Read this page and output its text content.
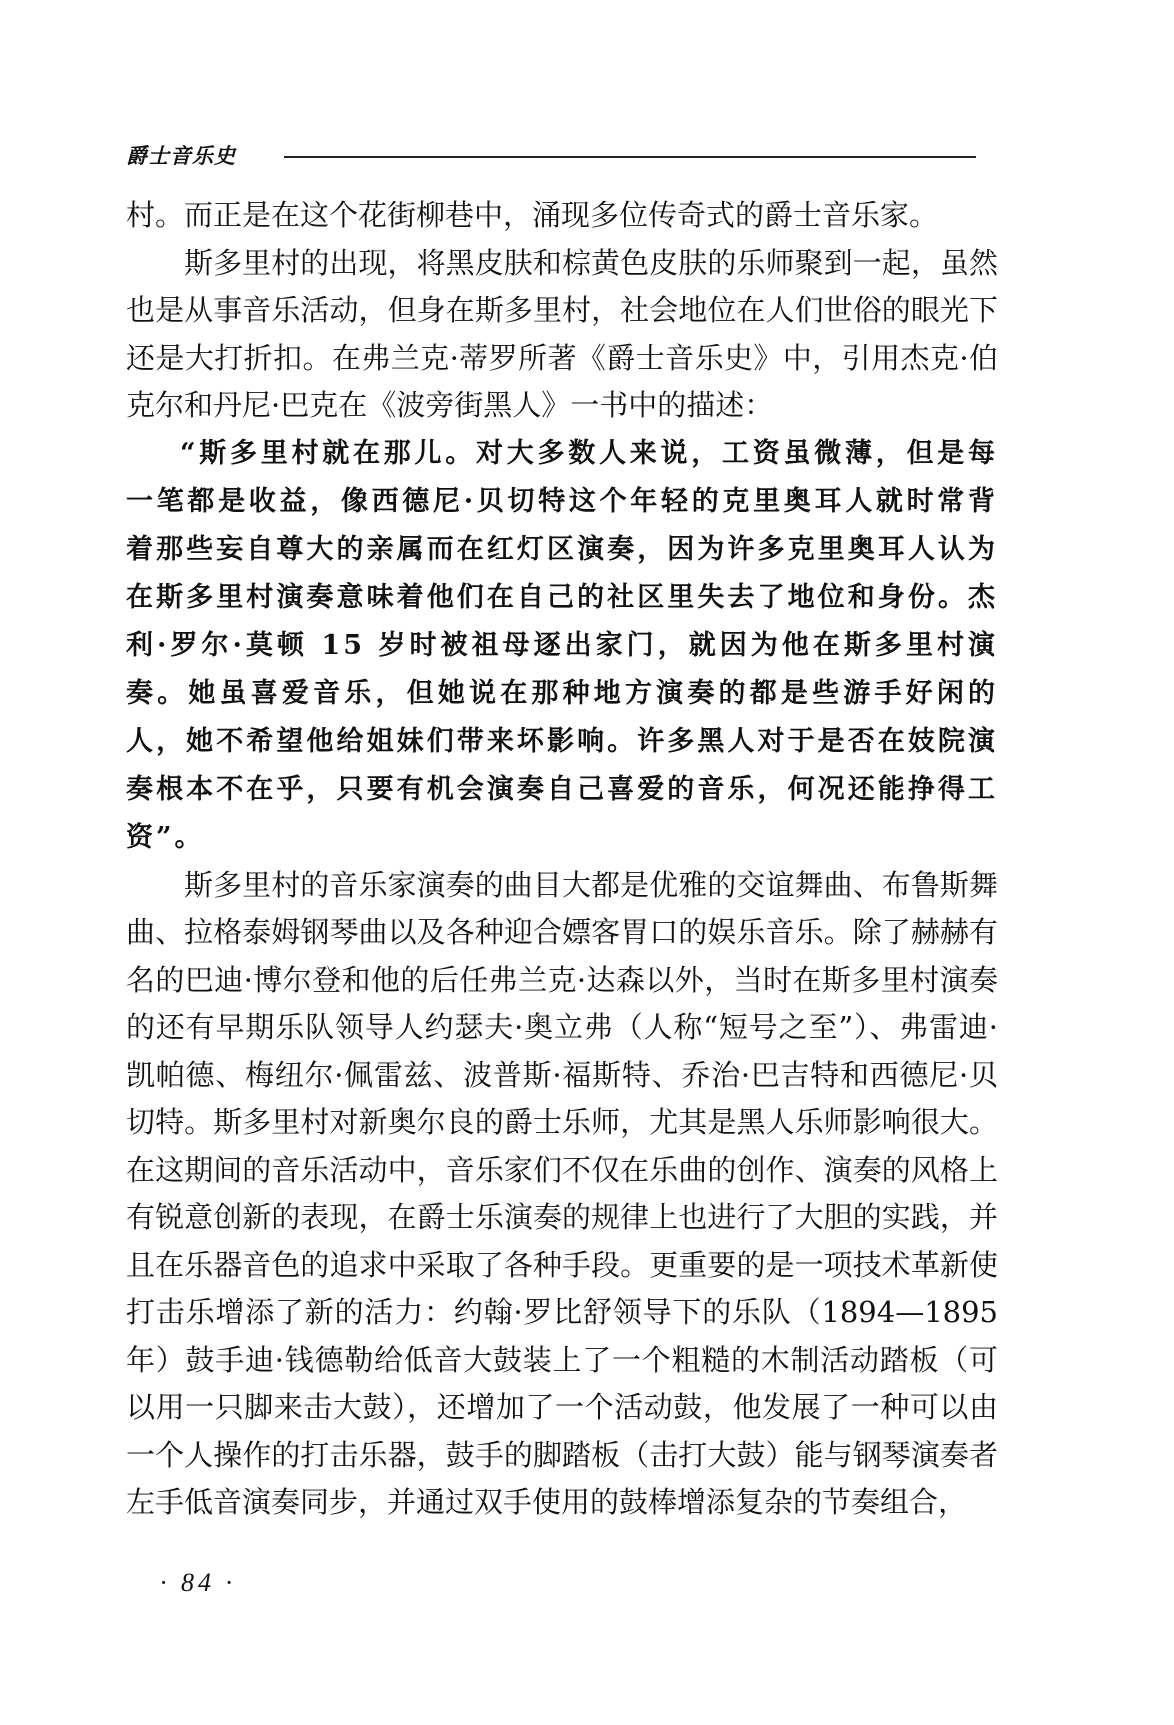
爵士音乐史

村。而正是在这个花街柳巷中，涌现多位传奇式的爵士音乐家。

斯多里村的出现，将黑皮肤和棕黄色皮肤的乐师聚到一起，虽然也是从事音乐活动，但身在斯多里村，社会地位在人们世俗的眼光下还是大打折扣。在弗兰克·蒂罗所著《爵士音乐史》中，引用杰克·伯克尔和丹尼·巴克在《波旁街黑人》一书中的描述：

“斯多里村就在那儿。对大多数人来说，工资虽微薄，但是每一笔都是收益，像西德尼·贝切特这个年轻的克里奥耳人就时常背着那些妄自尊大的亲属而在红灯区演奏，因为许多克里奥耳人认为在斯多里村演奏意味着他们在自己的社区里失去了地位和身份。杰利·罗尔·莫顿 15 岁时被祖母逐出家门，就因为他在斯多里村演奏。她虽喜爱音乐，但她说在那种地方演奏的都是些游手好闲的人，她不希望他给姐妹们带来坏影响。许多黑人对于是否在妓院演奏根本不在乎，只要有机会演奏自己喜爱的音乐，何况还能挣得工资”。

斯多里村的音乐家演奏的曲目大都是优雅的交谊舞曲、布鲁斯舞曲、拉格泰姆钢琴曲以及各种迎合嫖客胃口的娱乐音乐。除了赫赫有名的巴迪·博尔登和他的后任弗兰克·达森以外，当时在斯多里村演奏的还有早期乐队领导人约瑟夫·奥立弗（人称“短号之至”）、弗雷迪·凯帕德、梅纽尔·佩雷兹、波普斯·福斯特、乔治·巴吉特和西德尼·贝切特。斯多里村对新奥尔良的爵士乐师，尤其是黑人乐师影响很大。在这期间的音乐活动中，音乐家们不仅在乐曲的创作、演奏的风格上有锐意创新的表现，在爵士乐演奏的规律上也进行了大胆的实践，并且在乐器音色的追求中采取了各种手段。更重要的是一项技术革新使打击乐增添了新的活力：约翰·罗比舒领导下的乐队（1894—1895 年）鼓手迪·钱德勒给低音大鼓装上了一个粗糙的木制活动踏板（可以用一只脚来击大鼓），还增加了一个活动鼓，他发展了一种可以由一个人操作的打击乐器，鼓手的脚踏板（击打大鼓）能与钢琴演奏者左手低音演奏同步，并通过双手使用的鼓棒增添复杂的节奏组合，

· 84 ·
